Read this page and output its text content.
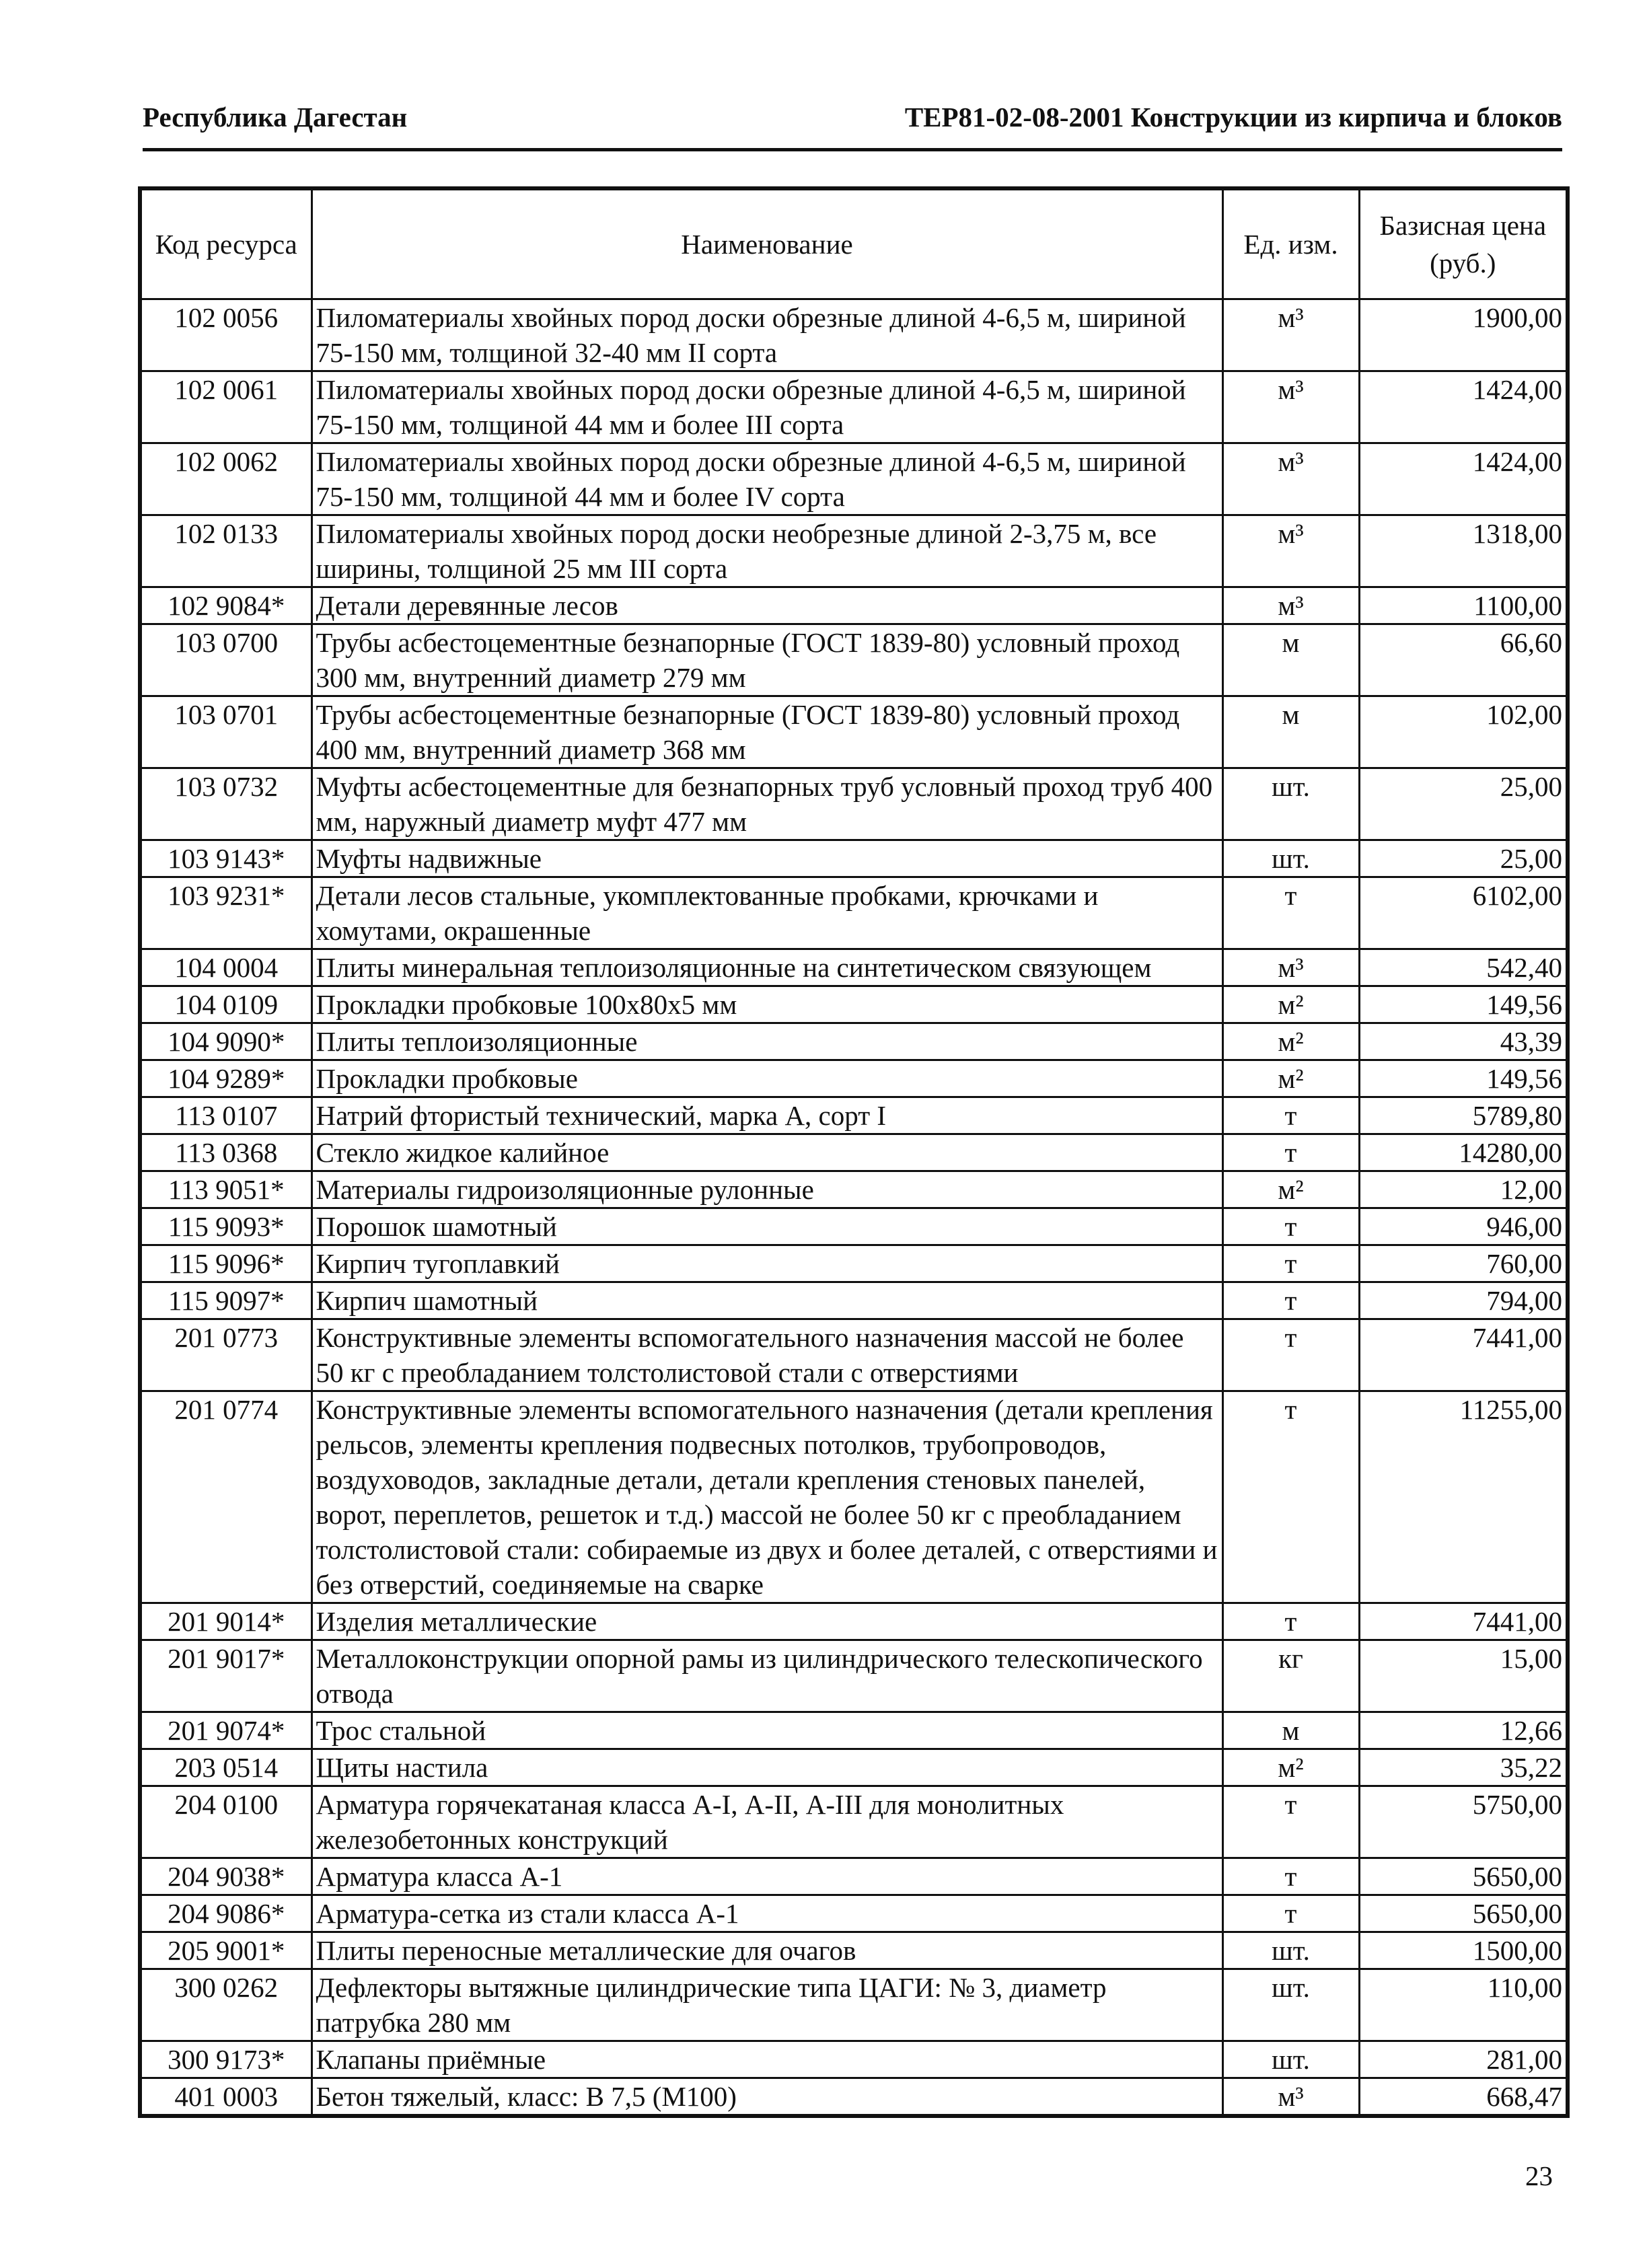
Республика Дагестан	ТЕР81-02-08-2001 Конструкции из кирпича и блоков
Код ресурса	Наименование	Ед. изм.	Базисная цена (руб.)
102 0056	Пиломатериалы хвойных пород доски обрезные длиной 4-6,5 м, шириной 75-150 мм, толщиной 32-40 мм II сорта	м³	1900,00
102 0061	Пиломатериалы хвойных пород доски обрезные длиной 4-6,5 м, шириной 75-150 мм, толщиной 44 мм и более III сорта	м³	1424,00
102 0062	Пиломатериалы хвойных пород доски обрезные длиной 4-6,5 м, шириной 75-150 мм, толщиной 44 мм и более IV сорта	м³	1424,00
102 0133	Пиломатериалы хвойных пород доски необрезные длиной 2-3,75 м, все ширины, толщиной 25 мм III сорта	м³	1318,00
102 9084*	Детали деревянные лесов	м³	1100,00
103 0700	Трубы асбестоцементные безнапорные (ГОСТ 1839-80) условный проход 300 мм, внутренний диаметр 279 мм	м	66,60
103 0701	Трубы асбестоцементные безнапорные (ГОСТ 1839-80) условный проход 400 мм, внутренний диаметр 368 мм	м	102,00
103 0732	Муфты асбестоцементные для безнапорных труб условный проход труб 400 мм, наружный диаметр муфт 477 мм	шт.	25,00
103 9143*	Муфты надвижные	шт.	25,00
103 9231*	Детали лесов стальные, укомплектованные пробками, крючками и хомутами, окрашенные	т	6102,00
104 0004	Плиты минеральная теплоизоляционные на синтетическом связующем	м³	542,40
104 0109	Прокладки пробковые 100х80х5 мм	м²	149,56
104 9090*	Плиты теплоизоляционные	м²	43,39
104 9289*	Прокладки пробковые	м²	149,56
113 0107	Натрий фтористый технический, марка А, сорт I	т	5789,80
113 0368	Стекло жидкое калийное	т	14280,00
113 9051*	Материалы гидроизоляционные рулонные	м²	12,00
115 9093*	Порошок шамотный	т	946,00
115 9096*	Кирпич тугоплавкий	т	760,00
115 9097*	Кирпич шамотный	т	794,00
201 0773	Конструктивные элементы вспомогательного назначения массой не более 50 кг с преобладанием толстолистовой стали с отверстиями	т	7441,00
201 0774	Конструктивные элементы вспомогательного назначения (детали крепления рельсов, элементы крепления подвесных потолков, трубопроводов, воздуховодов, закладные детали, детали крепления стеновых панелей, ворот, переплетов, решеток и т.д.) массой не более 50 кг с преобладанием толстолистовой стали: собираемые из двух и более деталей, с отверстиями и без отверстий, соединяемые на сварке	т	11255,00
201 9014*	Изделия металлические	т	7441,00
201 9017*	Металлоконструкции опорной рамы из цилиндрического телескопического отвода	кг	15,00
201 9074*	Трос стальной	м	12,66
203 0514	Щиты настила	м²	35,22
204 0100	Арматура горячекатаная класса А-I, А-II, А-III для монолитных железобетонных конструкций	т	5750,00
204 9038*	Арматура класса А-1	т	5650,00
204 9086*	Арматура-сетка из стали класса А-1	т	5650,00
205 9001*	Плиты переносные металлические для очагов	шт.	1500,00
300 0262	Дефлекторы вытяжные цилиндрические типа ЦАГИ: № 3, диаметр патрубка 280 мм	шт.	110,00
300 9173*	Клапаны приёмные	шт.	281,00
401 0003	Бетон тяжелый, класс: В 7,5 (М100)	м³	668,47
23
